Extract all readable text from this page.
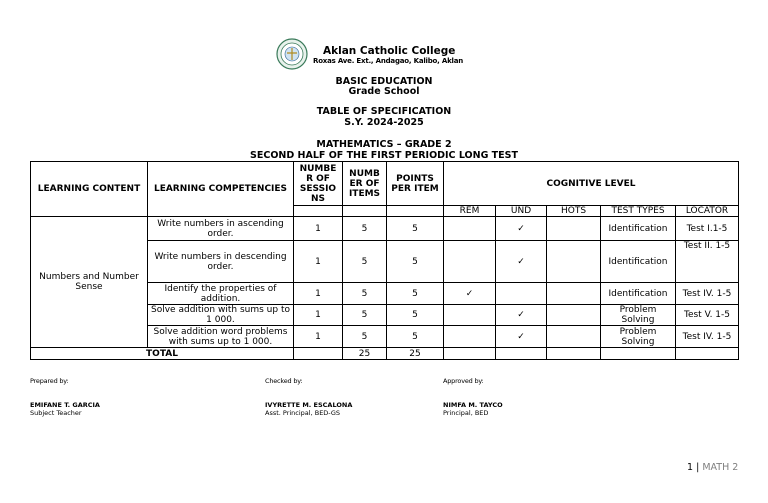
Aklan Catholic College
Roxas Ave. Ext., Andagao, Kalibo, Aklan
BASIC EDUCATION
Grade School
TABLE OF SPECIFICATION
S.Y. 2024-2025
MATHEMATICS – GRADE 2
SECOND HALF OF THE FIRST PERIODIC LONG TEST
LEARNING CONTENT	LEARNING COMPETENCIES	NUMBE R OF SESSIO NS	NUMB ER OF ITEMS	POINTS PER ITEM	COGNITIVE LEVEL				
					REM	UND	HOTS	TEST TYPES	LOCATOR
Numbers and Number Sense	Write numbers in ascending order.	1	5	5		✓		Identification	Test I.1-5
	Write numbers in descending order.	1	5	5		✓		Identification	Test II. 1-5
	Identify the properties of addition.	1	5	5	✓			Identification	Test IV. 1-5
	Solve addition with sums up to 1 000.	1	5	5		✓		Problem Solving	Test V. 1-5
	Solve addition word problems with sums up to 1 000.	1	5	5		✓		Problem Solving	Test IV. 1-5
TOTAL			25	25					
Prepared by:
EMIFANE T. GARCIA
Subject Teacher
Checked by:
IVYRETTE M. ESCALONA
Asst. Principal, BED-GS
Approved by:
NIMFA M. TAYCO
Principal, BED
1 | MATH 2
